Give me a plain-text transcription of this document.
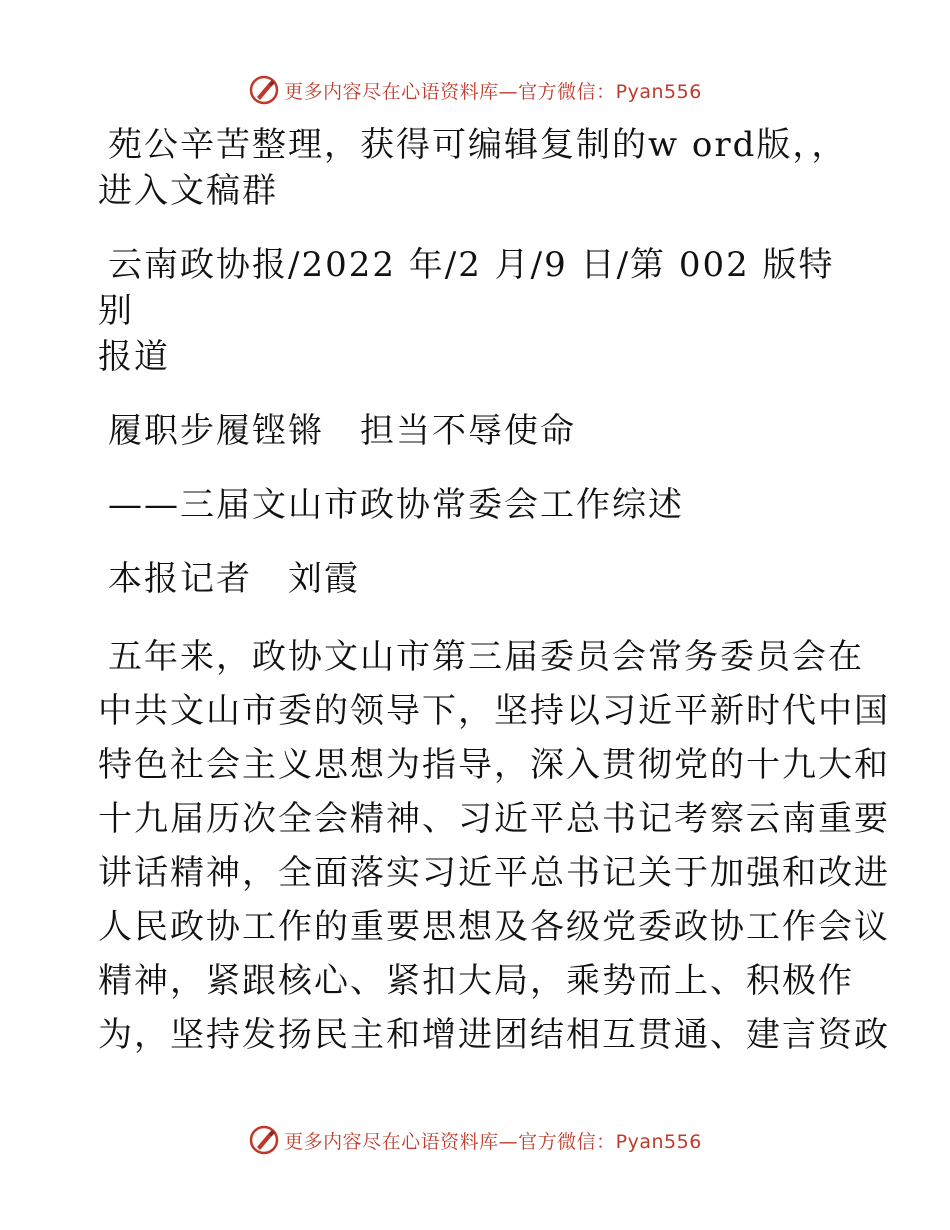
更多内容尽在心语资料库—官方微信：Pyan556

苑公辛苦整理，获得可编辑复制的w ord版，，
进入文稿群

云南政协报/2022 年/2 月/9 日/第 002 版特别
报道

履职步履铿锵　担当不辱使命

——三届文山市政协常委会工作综述

本报记者　刘霞

五年来，政协文山市第三届委员会常务委员会在
中共文山市委的领导下，坚持以习近平新时代中国
特色社会主义思想为指导，深入贯彻党的十九大和
十九届历次全会精神、习近平总书记考察云南重要
讲话精神，全面落实习近平总书记关于加强和改进
人民政协工作的重要思想及各级党委政协工作会议
精神，紧跟核心、紧扣大局，乘势而上、积极作
为，坚持发扬民主和增进团结相互贯通、建言资政
更多内容尽在心语资料库—官方微信：Pyan556
